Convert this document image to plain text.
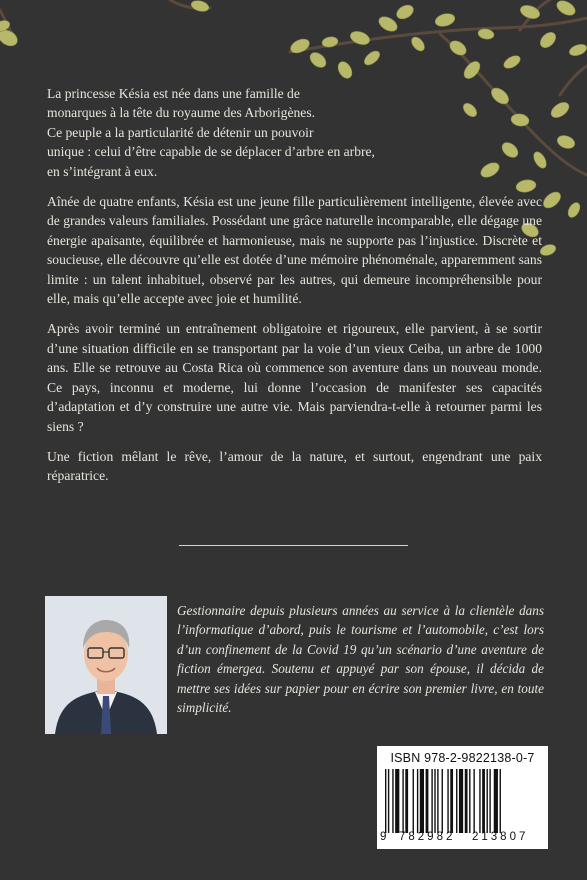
La princesse Késia est née dans une famille de
monarques à la tête du royaume des Arborigènes.
Ce peuple a la particularité de détenir un pouvoir
unique : celui d’être capable de se déplacer d’arbre en arbre,
en s’intégrant à eux.

Aînée de quatre enfants, Késia est une jeune fille particulièrement intelligente, élevée avec de grandes valeurs familiales. Possédant une grâce naturelle incomparable, elle dégage une énergie apaisante, équilibrée et harmonieuse, mais ne supporte pas l’injustice. Discrète et soucieuse, elle découvre qu’elle est dotée d’une mémoire phénoménale, apparemment sans limite : un talent inhabituel, observé par les autres, qui demeure incompréhensible pour elle, mais qu’elle accepte avec joie et humilité.

Après avoir terminé un entraînement obligatoire et rigoureux, elle parvient, à se sortir d’une situation difficile en se transportant par la voie d’un vieux Ceiba, un arbre de 1000 ans. Elle se retrouve au Costa Rica où commence son aventure dans un nouveau monde. Ce pays, inconnu et moderne, lui donne l’occasion de manifester ses capacités d’adaptation et d’y construire une autre vie. Mais parviendra-t-elle à retourner parmi les siens ?

Une fiction mêlant le rêve, l’amour de la nature, et surtout, engendrant une paix réparatrice.

Gestionnaire depuis plusieurs années au service à la clientèle dans l’informatique d’abord, puis le tourisme et l’automobile, c’est lors d’un confinement de la Covid 19 qu’un scénario d’une aventure de fiction émergea. Soutenu et appuyé par son épouse, il décida de mettre ses idées sur papier pour en écrire son premier livre, en toute simplicité.
ISBN 978-2-9822138-0-7
9 782982 213807
